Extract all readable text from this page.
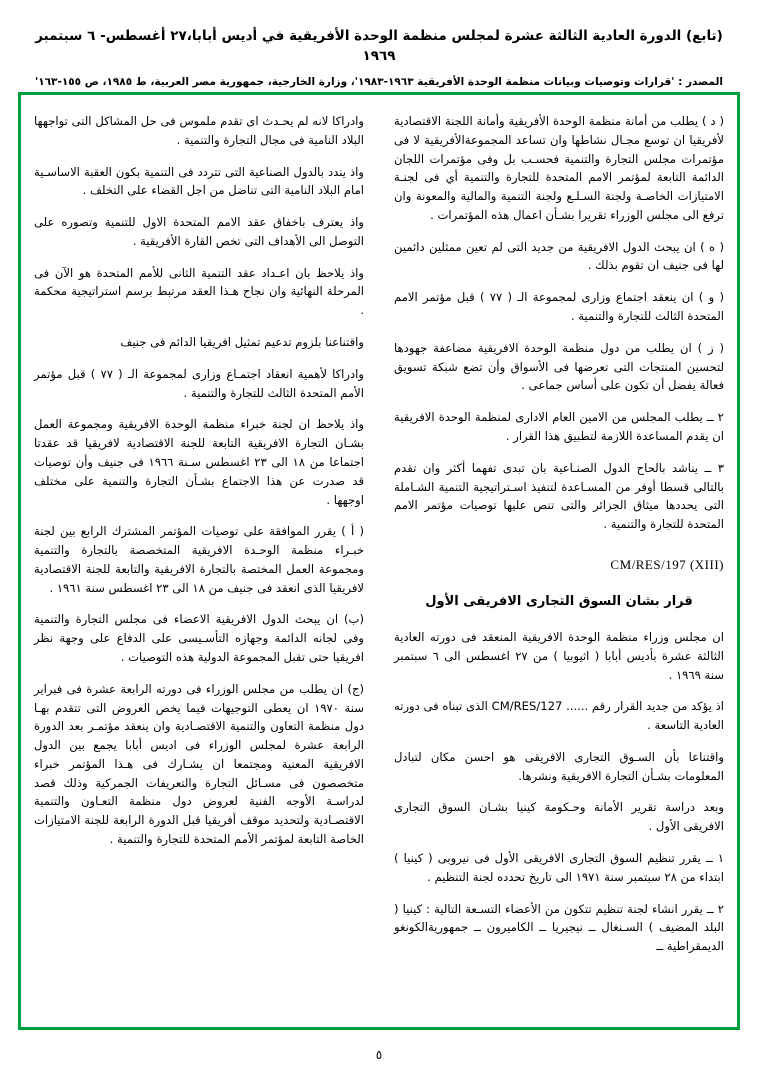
(تابع) الدورة العادية الثالثة عشرة لمجلس منظمة الوحدة الأفريقية في أديس أبابا،٢٧ أغسطس- ٦ سبتمبر ١٩٦٩
المصدر : 'قرارات وتوصيات وبيانات منظمة الوحدة الأفريقية ١٩٦٣-١٩٨٣'، وزارة الخارجية، جمهورية مصر العربية، ط ١٩٨٥، ص ١٥٥-١٦٣'

( د ) يطلب من أمانة منظمة الوحدة الأفريقية وأمانة اللجنة الاقتصادية لأفريقيا ان توسع مجـال نشاطها وان تساعد المجموعةالأفريقية لا فى مؤتمرات مجلس التجارة والتنمية فحسـب بل وفى مؤتمرات اللجان الدائمة التابعة لمؤتمر الامم المتحدة للتجارة والتنمية أي فى لجنـة الامتيازات الخاصـة ولجنة السـلـع ولجنة التنمية والمالية والمعونة وان ترفع الى مجلس الوزراء تقريرا بشـأن اعمال هذه المؤتمرات .

( ه ) ان يبحث الدول الافريقية من جديد التى لم تعين ممثلين دائمين لها فى جنيف ان تقوم بذلك .

( و ) ان ينعقد اجتماع وزارى لمجموعة الـ ( ٧٧ ) قبل مؤتمر الامم المتحدة الثالث للتجارة والتنمية .

( ز ) ان يطلب من دول منظمة الوحدة الافريقية مضاعفة جهودها لتحسين المنتجات التى تعرضها فى الأسواق وأن تضع شبكة تسويق فعالة يفضل أن تكون على أساس جماعى .

٢ ــ يطلب المجلس من الامين العام الادارى لمنظمة الوحدة الافريقية ان يقدم المساعدة اللازمة لتطبيق هذا القرار .

٣ ــ يناشد بالحاح الدول الصنـاعية بان تبدى تفهما أكثر وان تقدم بالتالى قسطا أوفر من المسـاعدة لتنفيذ اسـتراتيجية التنمية الشـاملة التى يحددها ميثاق الجزائر والتى تنص عليها توصيات مؤتمر الامم المتحدة للتجارة والتنمية .

CM/RES/197 (XIII)
قرار بشان السوق التجارى الافريقى الأول

ان مجلس وزراء منظمة الوحدة الافريقية المنعقد فى دورته العادية الثالثة عشرة بأديس أبابا ( اثيوبيا ) من ٢٧ اغسطس الى ٦ سبتمبر سنة ١٩٦٩ .

اذ يؤكد من جديد القرار رقم ...... CM/RES/127 الذى تبناه فى دورته العادية التاسعة .

واقتناعا بأن السـوق التجارى الافريقى هو احسن مكان لتبادل المعلومات بشـأن التجارة الافريقية ونشرها.

وبعد دراسة تقرير الأمانة وحـكومة كينيا بشـان السوق التجارى الافريقى الأول .

١ ــ يقرر تنظيم السوق التجارى الافريقى الأول فى نيروبى ( كينيا ) ابتداء من ٢٨ سبتمبر سنة ١٩٧١ الى تاريخ تحدده لجنة التنظيم .

٢ ــ يقرر انشاء لجنة تنظيم تتكون من الأعضاء التسـعة التالية : كينيا ( البلد المضيف ) السـنغال ــ نيجيريا ــ الكاميرون ــ جمهورية‌الكونغو الديمقراطية ــ

وادراكا لانه لم يحـدث اى تقدم ملموس فى حل المشاكل التى تواجهها البلاد النامية فى مجال التجارة والتنمية .

واذ يندد بالدول الصناعية التى تتردد فى التنمية بكون العقبة الاساسـية امام البلاد النامية التى تناضل من اجل القضاء على التخلف .

واذ يعترف باخفاق عقد الامم المتحدة الاول للتنمية وتصوره على التوصل الى الأهداف التى تخص القارة الأفريقية .

واذ يلاحظ بان اعـداد عقد التنمية الثانى للأمم المتحدة هو الآن فى المرحلة النهائية وان نجاح هـذا العقد مرتبط برسم استراتيجية محكمة .

واقتناعنا بلزوم تدعيم تمثيل افريقيا الدائم فى جنيف

وادراكا لأهمية انعقاد اجتمـاع وزارى لمجموعة الـ ( ٧٧ ) قبل مؤتمر الأمم المتحدة الثالث للتجارة والتنمية .

واذ يلاحظ ان لجنة خبراء منظمة الوحدة الافريقية ومجموعة العمل بشـان التجارة الافريقية التابعة للجنة الاقتصادية لافريقيا قد عقدتا اجتماعا من ١٨ الى ٢٣ اغسطس سـنة ١٩٦٦ فى جنيف وأن توصيات قد صدرت عن هذا الاجتماع بشـأن التجارة والتنمية على مختلف اوجهها .

( أ ) يقرر الموافقة على توصيات المؤتمر المشترك الرابع بين لجنة خبـراء منظمة الوحـدة الافريقية المتخصصة بالتجارة والتنمية ومجموعة العمل المختصة بالتجارة الافريقية والتابعة للجنة الاقتصادية لافريقيا الذى انعقد فى جنيف من ١٨ الى ٢٣ اغسطس سنة ١٩٦١ .

(ب) ان يبحث الدول الافريقية الاعضاء فى مجلس التجارة والتنمية وفى لجانه الدائمة وجهازه التأسـيسى على الدفاع على وجهة نظر افريقيا حتى تقبل المجموعة الدولية هذه التوصيات .

(ج) ان يطلب من مجلس الوزراء فى دورته الرابعة عشرة فى فبراير سنة ١٩٧٠ ان يعطى التوجيهات فيما يخص العروض التى تتقدم بهـا دول منظمة التعاون والتنمية الاقتصـادية وان ينعقد مؤتمـر بعد الدورة الرابعة عشرة لمجلس الوزراء فى اديس أبابا يجمع بين الدول الافريقية المعنية ومجتمعا ان يشـارك فى هـذا المؤتمر خبراء متخصصون فى مسـائل التجارة والتعريفات الجمركية وذلك قصد لدراسـة الأوجه الفنية لعروض دول منظمة التعـاون والتنمية الاقتصـادية ولتحديد موقف أفريقيا قبل الدورة الرابعة للجنة الامتيازات الخاصة التابعة لمؤتمر الأمم المتحدة للتجارة والتنمية .

٥
